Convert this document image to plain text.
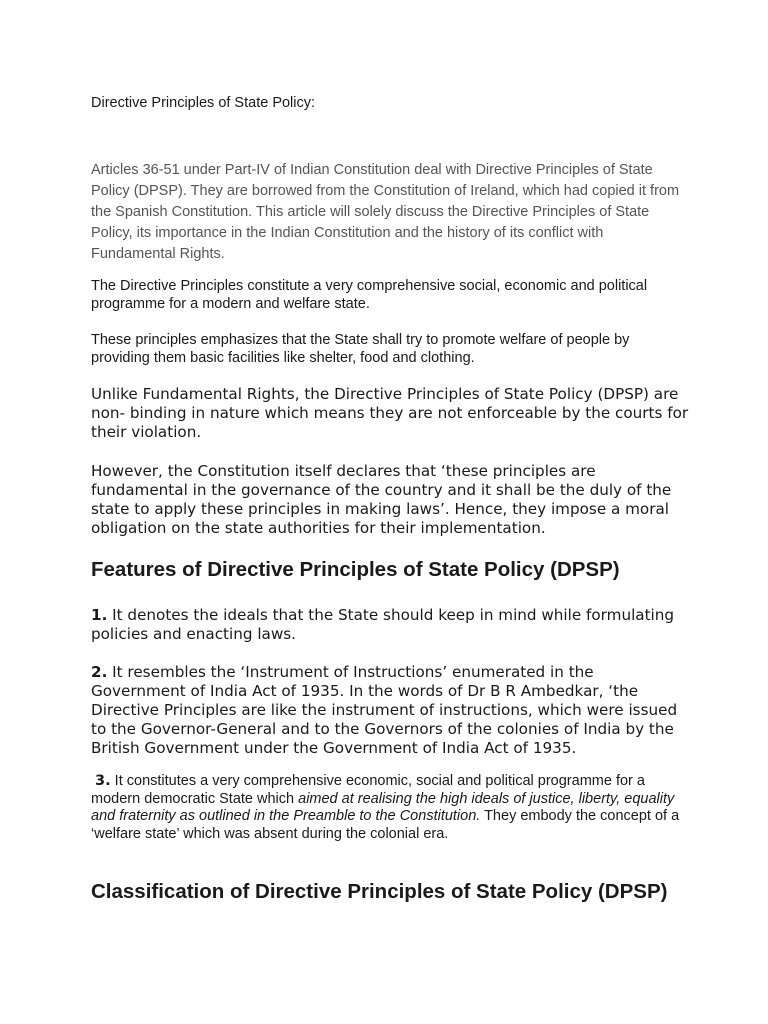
Directive Principles of State Policy:

Articles 36-51 under Part-IV of Indian Constitution deal with Directive Principles of State Policy (DPSP). They are borrowed from the Constitution of Ireland, which had copied it from the Spanish Constitution. This article will solely discuss the Directive Principles of State Policy, its importance in the Indian Constitution and the history of its conflict with Fundamental Rights.

The Directive Principles constitute a very comprehensive social, economic and political programme for a modern and welfare state.

These principles emphasizes that the State shall try to promote welfare of people by providing them basic facilities like shelter, food and clothing.

Unlike Fundamental Rights, the Directive Principles of State Policy (DPSP) are non- binding in nature which means they are not enforceable by the courts for their violation.

However, the Constitution itself declares that ‘these principles are fundamental in the governance of the country and it shall be the duly of the state to apply these principles in making laws’. Hence, they impose a moral obligation on the state authorities for their implementation.

Features of Directive Principles of State Policy (DPSP)

1. It denotes the ideals that the State should keep in mind while formulating policies and enacting laws.

2. It resembles the ‘Instrument of Instructions’ enumerated in the Government of India Act of 1935. In the words of Dr B R Ambedkar, ‘the Directive Principles are like the instrument of instructions, which were issued to the Governor-General and to the Governors of the colonies of India by the British Government under the Government of India Act of 1935.

3. It constitutes a very comprehensive economic, social and political programme for a modern democratic State which aimed at realising the high ideals of justice, liberty, equality and fraternity as outlined in the Preamble to the Constitution. They embody the concept of a ‘welfare state’ which was absent during the colonial era.

Classification of Directive Principles of State Policy (DPSP)
